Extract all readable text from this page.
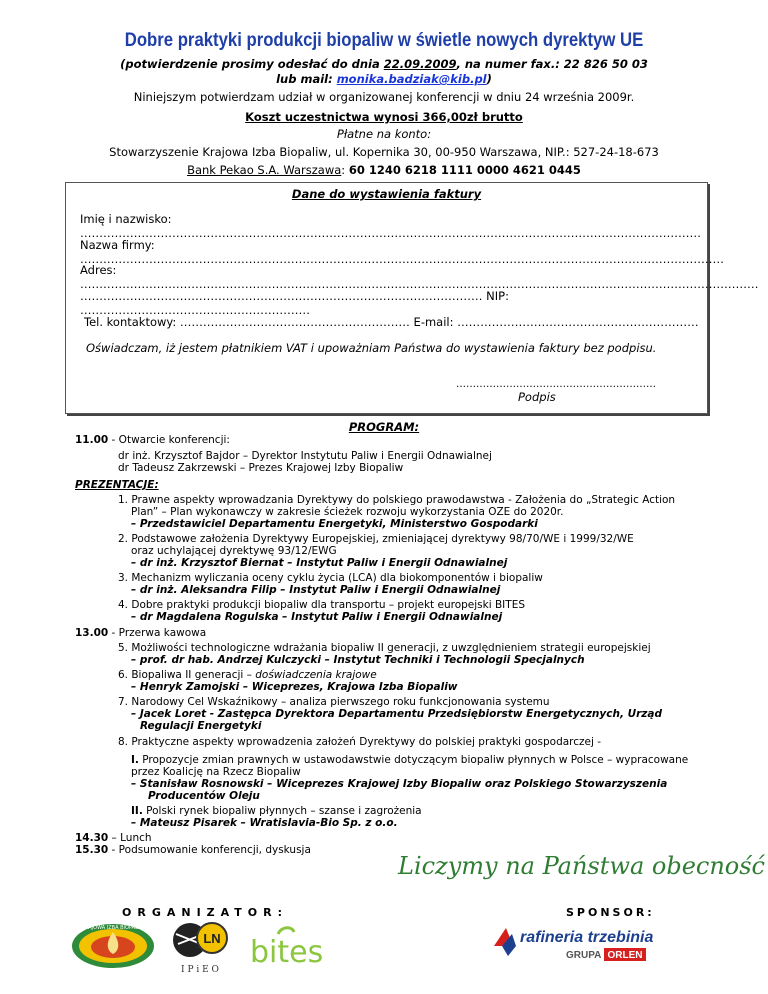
Dobre praktyki produkcji biopaliw w świetle nowych dyrektyw UE
(potwierdzenie prosimy odesłać do dnia 22.09.2009, na numer fax.: 22 826 50 03
lub mail: monika.badziak@kib.pl)
Niniejszym potwierdzam udział w organizowanej konferencji w dniu 24 września 2009r.
Koszt uczestnictwa wynosi 366,00zł brutto
Płatne na konto:
Stowarzyszenie Krajowa Izba Biopaliw, ul. Kopernika 30, 00-950 Warszawa, NIP.: 527-24-18-673
Bank Pekao S.A. Warszawa: 60 1240 6218 1111 0000 4621 0445
Dane do wystawienia faktury
Imię i nazwisko: ………………………………………………………………………………………………………………………………………………
Nazwa firmy: ……………………………………………………………………………………………………………………………………………………
Adres: ……………………………………………………………………………………………………………………………………………………………
…………………………………………………………………………………………… NIP: ……………………………………………………
Tel. kontaktowy: …………………………………………………… E-mail: ………………………………………………………
Oświadczam, iż jestem płatnikiem VAT i upoważniam Państwa do wystawienia faktury bez podpisu.
……………………………………………………
Podpis
PROGRAM:
11.00 - Otwarcie konferencji:
dr inż. Krzysztof Bajdor – Dyrektor Instytutu Paliw i Energii Odnawialnej
dr Tadeusz Zakrzewski – Prezes Krajowej Izby Biopaliw
PREZENTACJE:
1. Prawne aspekty wprowadzania Dyrektywy do polskiego prawodawstwa - Założenia do „Strategic Action
Plan” – Plan wykonawczy w zakresie ścieżek rozwoju wykorzystania OZE do 2020r.
– Przedstawiciel Departamentu Energetyki, Ministerstwo Gospodarki
2. Podstawowe założenia Dyrektywy Europejskiej, zmieniającej dyrektywy 98/70/WE i 1999/32/WE
oraz uchylającej dyrektywę 93/12/EWG
– dr inż. Krzysztof Biernat – Instytut Paliw i Energii Odnawialnej
3. Mechanizm wyliczania oceny cyklu życia (LCA) dla biokomponentów i biopaliw
– dr inż. Aleksandra Filip – Instytut Paliw i Energii Odnawialnej
4. Dobre praktyki produkcji biopaliw dla transportu – projekt europejski BITES
– dr Magdalena Rogulska – Instytut Paliw i Energii Odnawialnej
13.00 - Przerwa kawowa
5. Możliwości technologiczne wdrażania biopaliw II generacji, z uwzględnieniem strategii europejskiej
– prof. dr hab. Andrzej Kulczycki – Instytut Techniki i Technologii Specjalnych
6. Biopaliwa II generacji – doświadczenia krajowe
– Henryk Zamojski – Wiceprezes, Krajowa Izba Biopaliw
7. Narodowy Cel Wskaźnikowy – analiza pierwszego roku funkcjonowania systemu
– Jacek Loret - Zastępca Dyrektora Departamentu Przedsiębiorstw Energetycznych, Urząd
Regulacji Energetyki
8. Praktyczne aspekty wprowadzenia założeń Dyrektywy do polskiej praktyki gospodarczej -
I. Propozycje zmian prawnych w ustawodawstwie dotyczącym biopaliw płynnych w Polsce – wypracowane
przez Koalicję na Rzecz Biopaliw
– Stanisław Rosnowski – Wiceprezes Krajowej Izby Biopaliw oraz Polskiego Stowarzyszenia
Producentów Oleju
II. Polski rynek biopaliw płynnych – szanse i zagrożenia
– Mateusz Pisarek – Wratislavia-Bio Sp. z o.o.
14.30 – Lunch
15.30 - Podsumowanie konferencji, dyskusja
Liczymy na Państwa obecność
ORGANIZATOR:	SPONSOR:
KRAJOWA IZBA BIOPALIW
LN
I P i E O bites	rafineria trzebinia
GRUPA ORLEN
